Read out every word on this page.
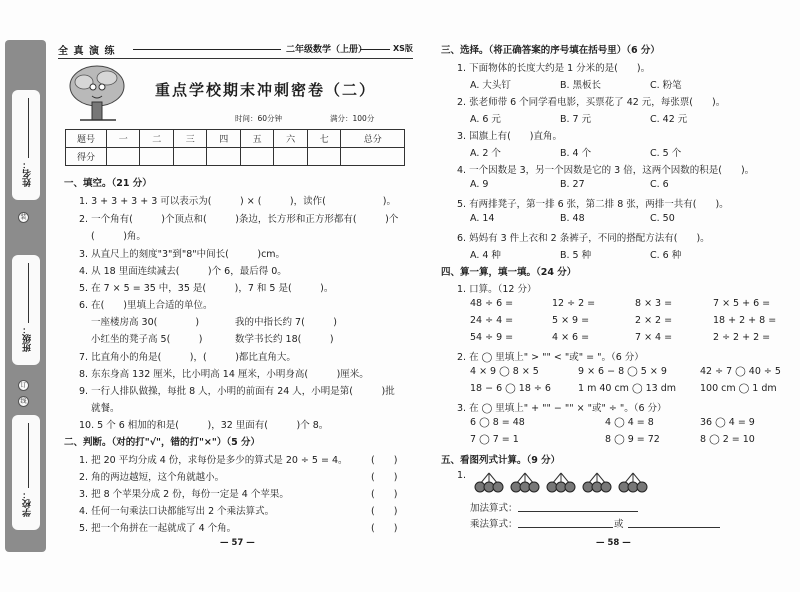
姓名：
班级：
学校：
装
订
线
全 真 演 练	二年级数学（上册）	XS版
重点学校期末冲刺密卷（二）
时间：60分钟	满分：100分
题号	一	二	三	四	五	六	七	总分
得分								
一、填空。（21 分）
1. 3 + 3 + 3 + 3 可以表示为(　　　) × (　　　)，读作(　　　　　　)。
2. 一个角有(　　　)个顶点和(　　　)条边，长方形和正方形都有(　　　)个
(　　　)角。
3. 从直尺上的刻度"3"到"8"中间长(　　　)cm。
4. 从 18 里面连续减去(　　　)个 6，最后得 0。
5. 在 7 × 5 = 35 中，35 是(　　　)，7 和 5 是(　　　)。
6. 在(　　)里填上合适的单位。
一座楼房高 30(　　　　)	我的中指长约 7(　　　)
小红坐的凳子高 5(　　　)	数学书长约 18(　　　)
7. 比直角小的角是(　　　)，(　　　)都比直角大。
8. 东东身高 132 厘米，比小明高 14 厘米，小明身高(　　　)厘米。
9. 一行人排队做操，每批 8 人，小明的前面有 24 人，小明是第(　　　)批
就餐。
10. 5 个 6 相加的和是(　　　)，32 里面有(　　　)个 8。
二、判断。（对的打"√"，错的打"×"）（5 分）
1. 把 20 平均分成 4 份，求每份是多少的算式是 20 ÷ 5 = 4。 (　　)
2. 角的两边越短，这个角就越小。	(　　)
3. 把 8 个苹果分成 2 份，每份一定是 4 个苹果。	(　　)
4. 任何一句乘法口诀都能写出 2 个乘法算式。	(　　)
5. 把一个角拼在一起就成了 4 个角。	(　　)
— 57 —
三、选择。（将正确答案的序号填在括号里）（6 分）
1. 下面物体的长度大约是 1 分米的是(　　)。
A. 大头钉	B. 黑板长	C. 粉笔
2. 张老师带 6 个同学看电影，买票花了 42 元，每张票(　　)。
A. 6 元	B. 7 元	C. 42 元
3. 国旗上有(　　)直角。
A. 2 个	B. 4 个	C. 5 个
4. 一个因数是 3，另一个因数是它的 3 倍，这两个因数的积是(　　)。
A. 9	B. 27	C. 6
5. 有两排凳子，第一排 6 张，第二排 8 张，两排一共有(　　)。
A. 14	B. 48	C. 50
6. 妈妈有 3 件上衣和 2 条裤子，不同的搭配方法有(　　)。
A. 4 种	B. 5 种	C. 6 种
四、算一算，填一填。（24 分）
1. 口算。（12 分）
48 ÷ 6 =	12 ÷ 2 =	8 × 3 =	7 × 5 + 6 =
24 ÷ 4 =	5 × 9 =	2 × 2 =	18 + 2 + 8 =
54 ÷ 9 =	4 × 6 =	7 × 4 =	2 ÷ 2 + 2 =
2. 在 ◯ 里填上" > "" < "或" = "。（6 分）
4 × 9 ◯ 8 × 5	9 × 6 − 8 ◯ 5 × 9	42 ÷ 7 ◯ 40 ÷ 5
18 − 6 ◯ 18 ÷ 6	1 m 40 cm ◯ 13 dm	100 cm ◯ 1 dm
3. 在 ◯ 里填上" + "" − "" × "或" ÷ "。（6 分）
6 ◯ 8 = 48	4 ◯ 4 = 8	36 ◯ 4 = 9
7 ◯ 7 = 1	8 ◯ 9 = 72	8 ◯ 2 = 10
五、看图列式计算。（9 分）
1.
加法算式：
乘法算式：	或
— 58 —
